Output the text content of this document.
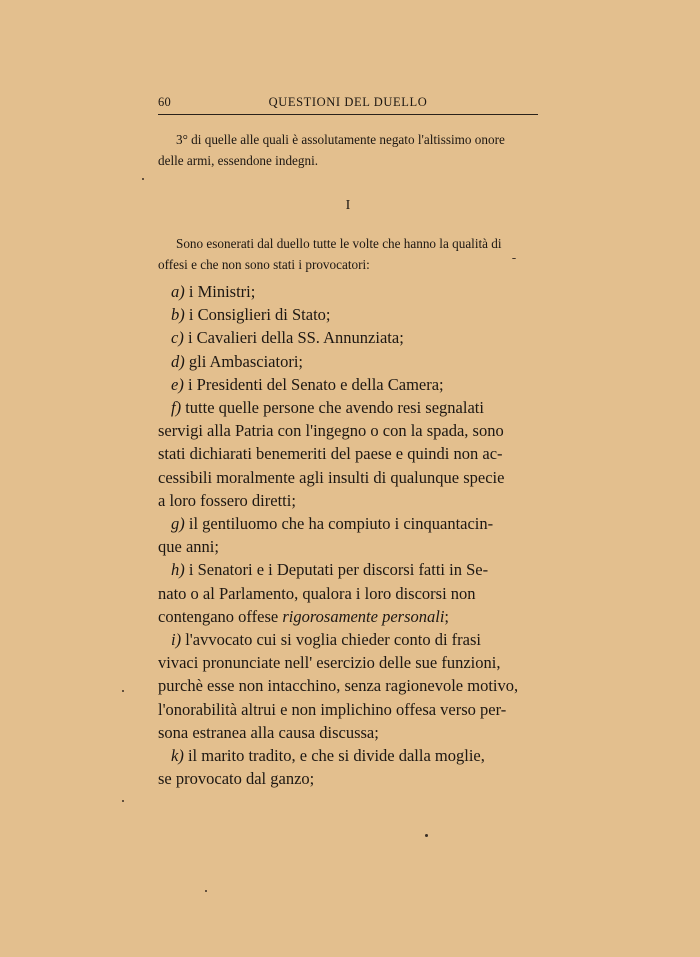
60	QUESTIONI DEL DUELLO
3° di quelle alle quali è assolutamente negato l'altissimo onore
delle armi, essendone indegni.
I
Sono esonerati dal duello tutte le volte che hanno la qualità di
offesi e che non sono stati i provocatori:
a) i Ministri;
b) i Consiglieri di Stato;
c) i Cavalieri della SS. Annunziata;
d) gli Ambasciatori;
e) i Presidenti del Senato e della Camera;
f) tutte quelle persone che avendo resi segnalati
servigi alla Patria con l'ingegno o con la spada, sono
stati dichiarati benemeriti del paese e quindi non ac-
cessibili moralmente agli insulti di qualunque specie
a loro fossero diretti;
g) il gentiluomo che ha compiuto i cinquantacin-
que anni;
h) i Senatori e i Deputati per discorsi fatti in Se-
nato o al Parlamento, qualora i loro discorsi non
contengano offese rigorosamente personali;
i) l'avvocato cui si voglia chieder conto di frasi
vivaci pronunciate nell' esercizio delle sue funzioni,
purchè esse non intacchino, senza ragionevole motivo,
l'onorabilità altrui e non implichino offesa verso per-
sona estranea alla causa discussa;
k) il marito tradito, e che si divide dalla moglie,
se provocato dal ganzo;
